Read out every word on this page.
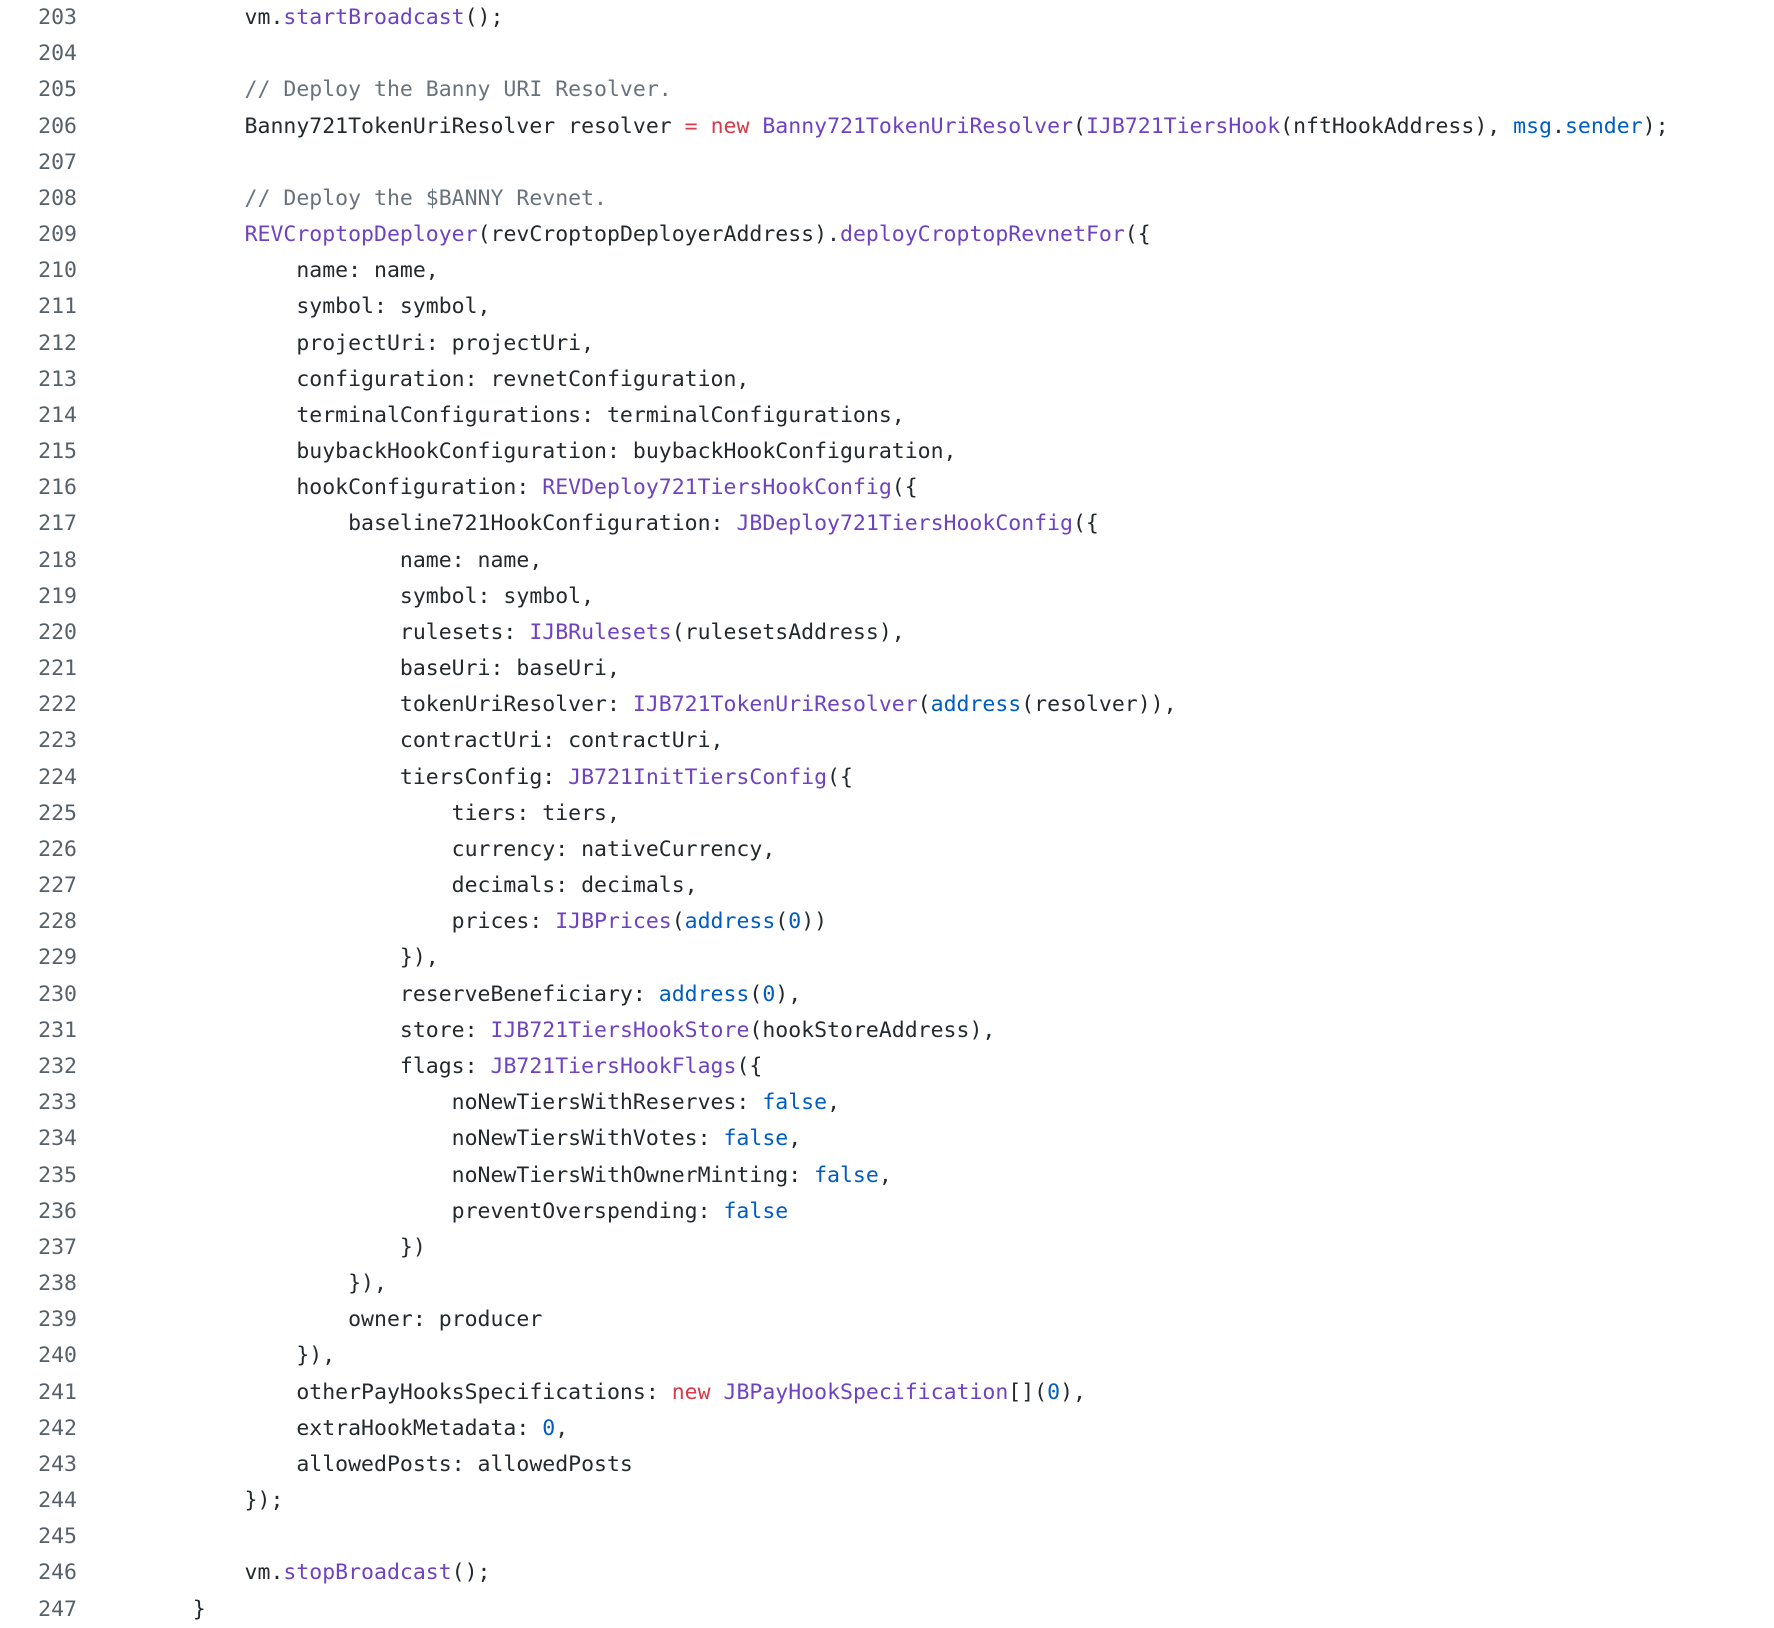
203	vm.startBroadcast();
204
205	// Deploy the Banny URI Resolver.
206	Banny721TokenUriResolver resolver = new Banny721TokenUriResolver(IJB721TiersHook(nftHookAddress), msg.sender);
207
208	// Deploy the $BANNY Revnet.
209	REVCroptopDeployer(revCroptopDeployerAddress).deployCroptopRevnetFor({
210	name: name,
211	symbol: symbol,
212	projectUri: projectUri,
213	configuration: revnetConfiguration,
214	terminalConfigurations: terminalConfigurations,
215	buybackHookConfiguration: buybackHookConfiguration,
216	hookConfiguration: REVDeploy721TiersHookConfig({
217	baseline721HookConfiguration: JBDeploy721TiersHookConfig({
218	name: name,
219	symbol: symbol,
220	rulesets: IJBRulesets(rulesetsAddress),
221	baseUri: baseUri,
222	tokenUriResolver: IJB721TokenUriResolver(address(resolver)),
223	contractUri: contractUri,
224	tiersConfig: JB721InitTiersConfig({
225	tiers: tiers,
226	currency: nativeCurrency,
227	decimals: decimals,
228	prices: IJBPrices(address(0))
229	}),
230	reserveBeneficiary: address(0),
231	store: IJB721TiersHookStore(hookStoreAddress),
232	flags: JB721TiersHookFlags({
233	noNewTiersWithReserves: false,
234	noNewTiersWithVotes: false,
235	noNewTiersWithOwnerMinting: false,
236	preventOverspending: false
237	})
238	}),
239	owner: producer
240	}),
241	otherPayHooksSpecifications: new JBPayHookSpecification[](0),
242	extraHookMetadata: 0,
243	allowedPosts: allowedPosts
244	});
245
246	vm.stopBroadcast();
247	}
